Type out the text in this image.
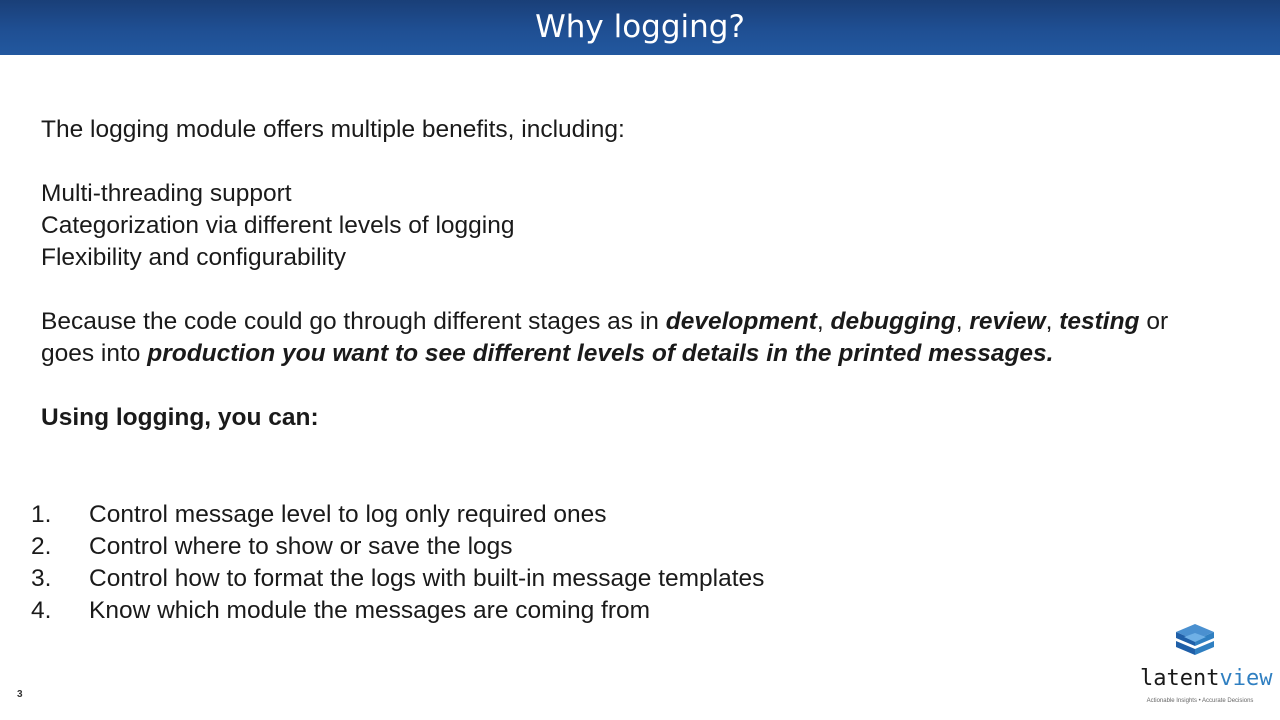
Why logging?

The logging module offers multiple benefits, including:

Multi-threading support

Categorization via different levels of logging

Flexibility and configurability

Because the code could go through different stages as in development, debugging, review, testing or goes into production you want to see different levels of details in the printed messages.

Using logging, you can:

1.	Control message level to log only required ones
2.	Control where to show or save the logs
3.	Control how to format the logs with built-in message templates
4.	Know which module the messages are coming from
3
latentview
Actionable Insights • Accurate Decisions
